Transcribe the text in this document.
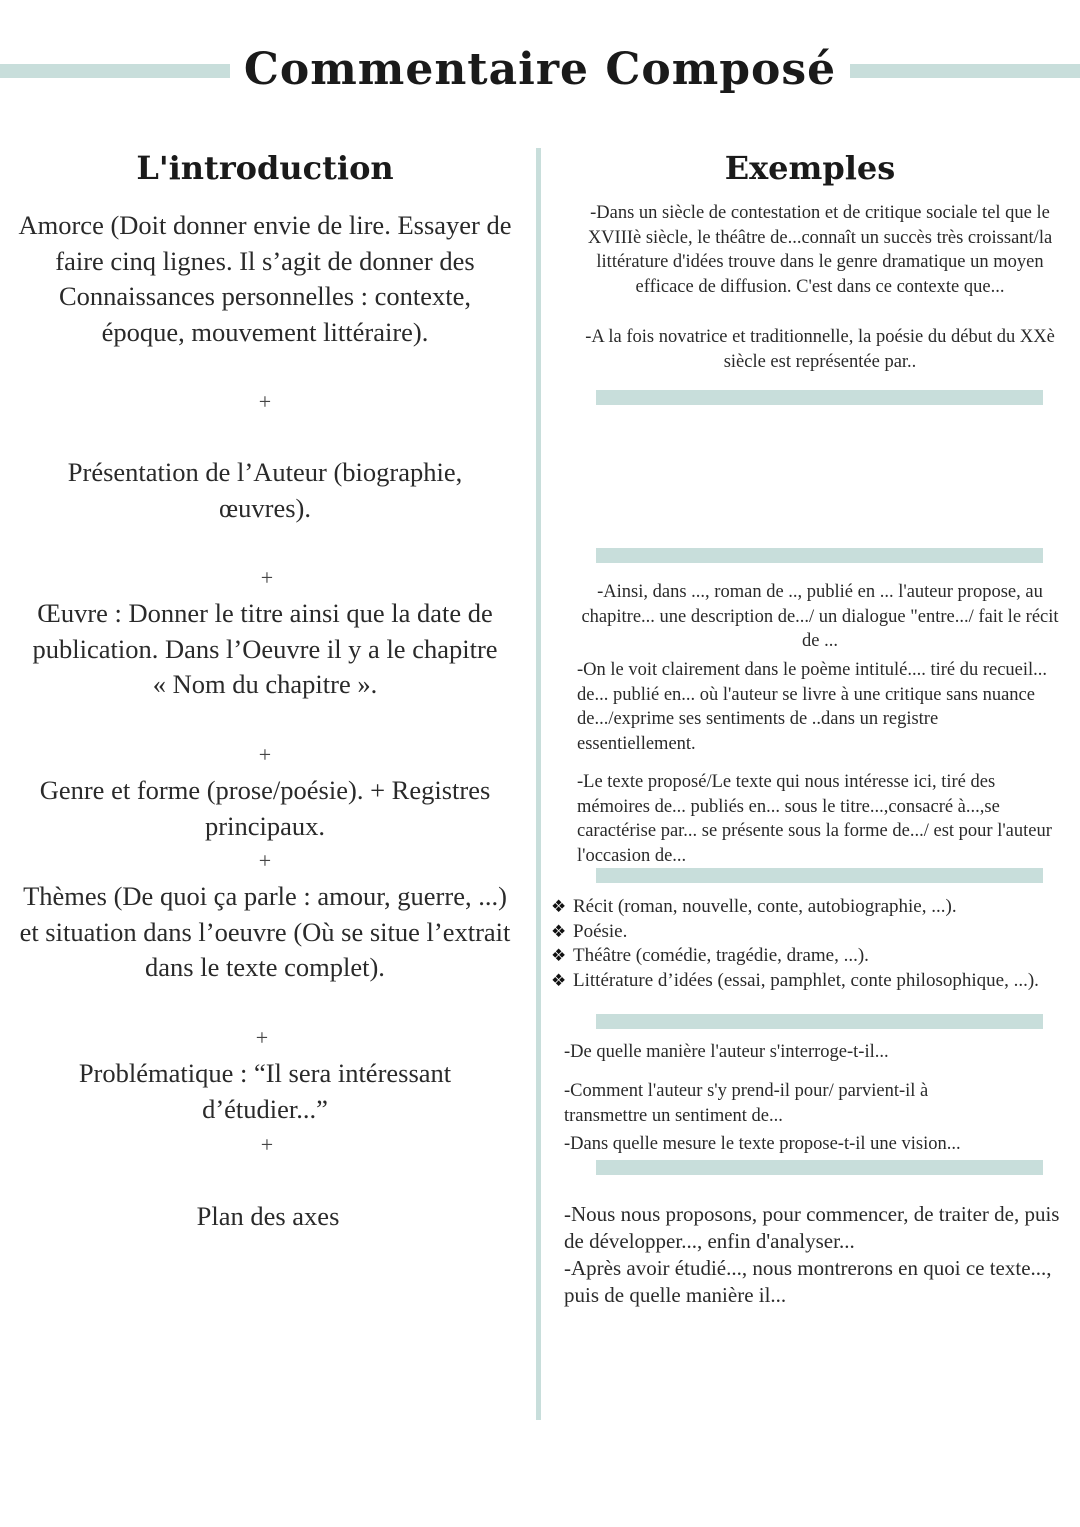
Commentaire Composé
L'introduction
Amorce (Doit donner envie de lire. Essayer de faire cinq lignes. Il s’agit de donner des Connaissances personnelles : contexte, époque, mouvement littéraire).
+
Présentation de l’Auteur (biographie, œuvres).
+
Œuvre : Donner le titre ainsi que la date de publication. Dans l’Oeuvre il y a le chapitre « Nom du chapitre ».
+
Genre et forme (prose/poésie). + Registres principaux.
+
Thèmes (De quoi ça parle : amour, guerre, ...) et situation dans l’oeuvre (Où se situe l’extrait dans le texte complet).
+
Problématique : “Il sera intéressant d’étudier...”
+
Plan des axes
Exemples
-Dans un siècle de contestation et de critique sociale tel que le XVIIIè siècle, le théâtre de...connaît un succès très croissant/la littérature d'idées trouve dans le genre dramatique un moyen efficace de diffusion. C'est dans ce contexte que...
-A la fois novatrice et traditionnelle, la poésie du début du XXè siècle est représentée par..
-Ainsi, dans ..., roman de .., publié en ... l'auteur propose, au chapitre... une description de.../ un dialogue "entre.../ fait le récit de ...
-On le voit clairement dans le poème intitulé.... tiré du recueil... de... publié en... où l'auteur se livre à une critique sans nuance de.../exprime ses sentiments de ..dans un registre essentiellement.
-Le texte proposé/Le texte qui nous intéresse ici, tiré des mémoires de... publiés en... sous le titre...,consacré à...,se caractérise par... se présente sous la forme de.../ est pour l'auteur l'occasion de...
❖ Récit (roman, nouvelle, conte, autobiographie, ...).
❖ Poésie.
❖ Théâtre (comédie, tragédie, drame, ...).
❖ Littérature d’idées (essai, pamphlet, conte philosophique, ...).
-De quelle manière l'auteur s'interroge-t-il...
-Comment l'auteur s'y prend-il pour/ parvient-il à transmettre un sentiment de...
-Dans quelle mesure le texte propose-t-il une vision...
-Nous nous proposons, pour commencer, de traiter de, puis de développer..., enfin d'analyser...
-Après avoir étudié..., nous montrerons en quoi ce texte..., puis de quelle manière il...
